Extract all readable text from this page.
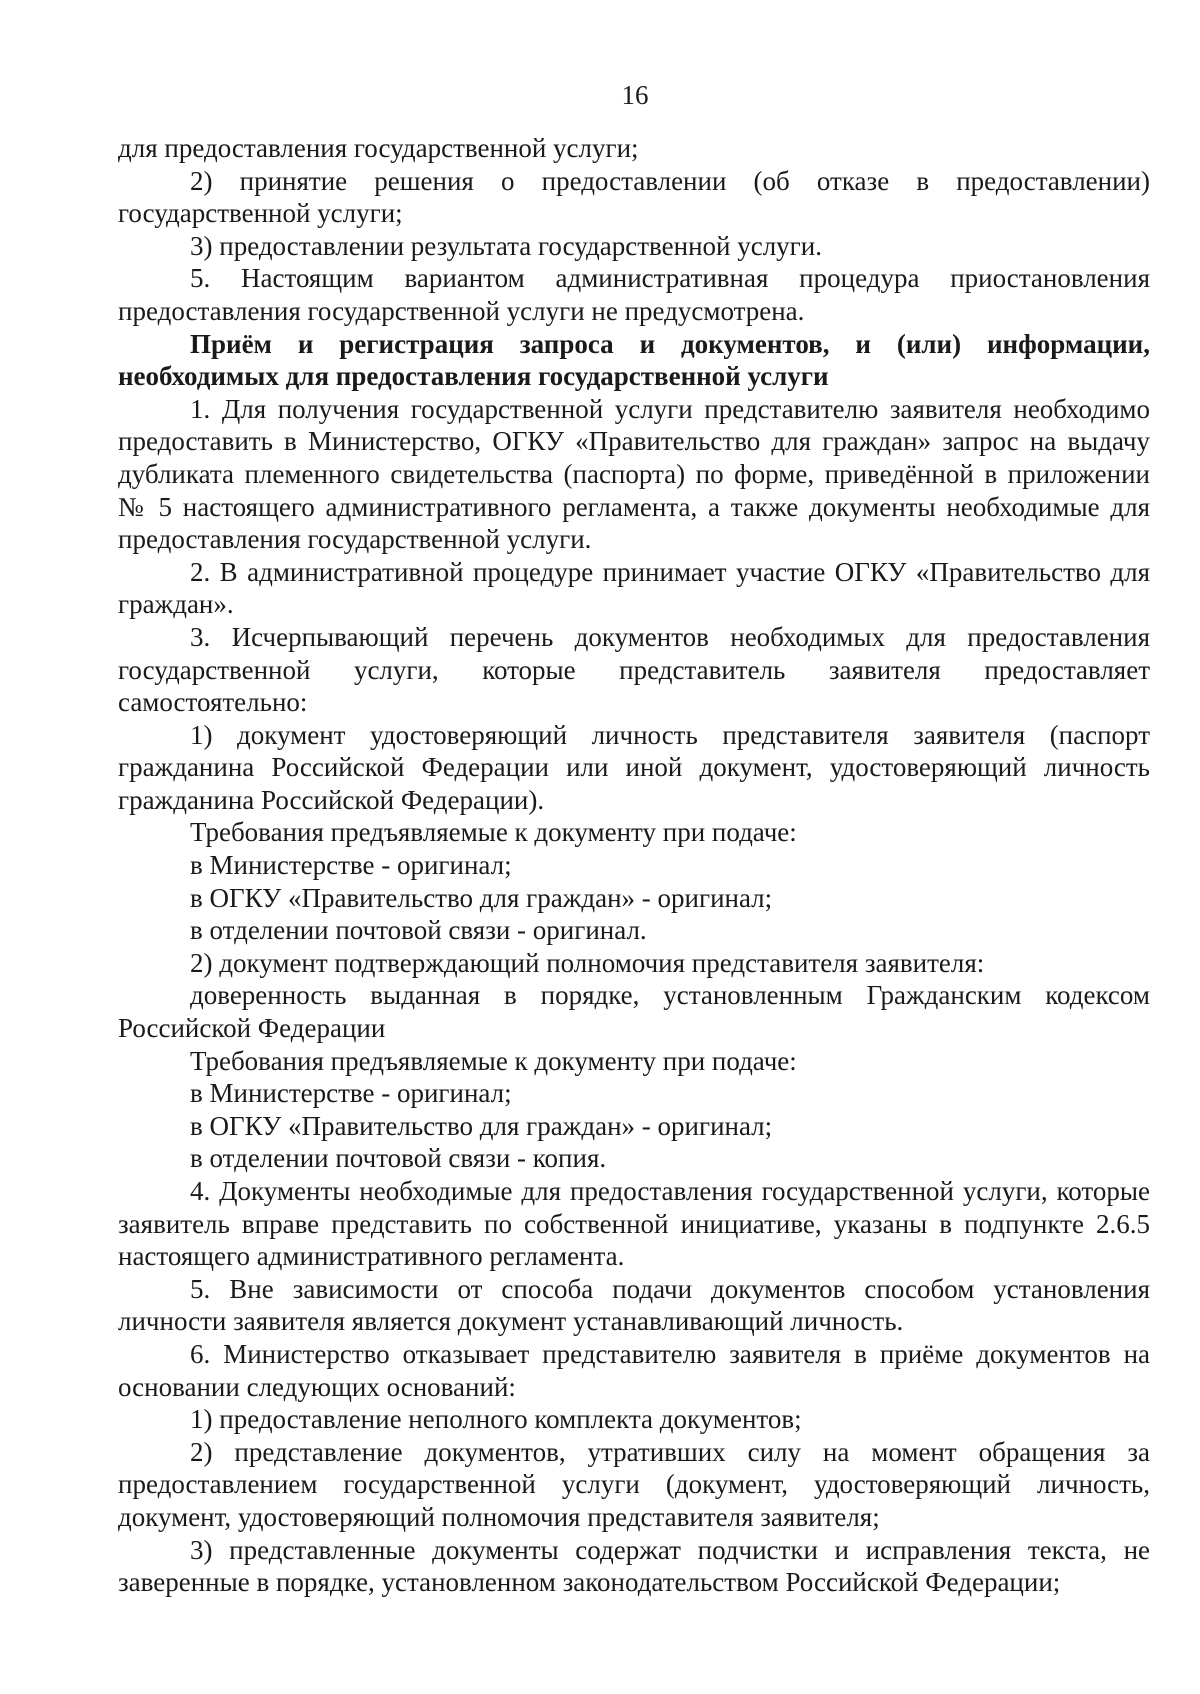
16

для предоставления государственной услуги;

2) принятие решения о предоставлении (об отказе в предоставлении) государственной услуги;

3) предоставлении результата государственной услуги.

5. Настоящим вариантом административная процедура приостановления предоставления государственной услуги не предусмотрена.

Приём и регистрация запроса и документов, и (или) информации, необходимых для предоставления государственной услуги

1. Для получения государственной услуги представителю заявителя необходимо предоставить в Министерство, ОГКУ «Правительство для граждан» запрос на выдачу дубликата племенного свидетельства (паспорта) по форме, приведённой в приложении № 5 настоящего административного регламента, а также документы необходимые для предоставления государственной услуги.

2. В административной процедуре принимает участие ОГКУ «Правительство для граждан».

3. Исчерпывающий перечень документов необходимых для предоставления государственной услуги, которые представитель заявителя предоставляет самостоятельно:

1) документ удостоверяющий личность представителя заявителя (паспорт гражданина Российской Федерации или иной документ, удостоверяющий личность гражданина Российской Федерации).

Требования предъявляемые к документу при подаче:

в Министерстве - оригинал;

в ОГКУ «Правительство для граждан» - оригинал;

в отделении почтовой связи - оригинал.

2) документ подтверждающий полномочия представителя заявителя:

доверенность выданная в порядке, установленным Гражданским кодексом Российской Федерации

Требования предъявляемые к документу при подаче:

в Министерстве - оригинал;

в ОГКУ «Правительство для граждан» - оригинал;

в отделении почтовой связи - копия.

4. Документы необходимые для предоставления государственной услуги, которые заявитель вправе представить по собственной инициативе, указаны в подпункте 2.6.5 настоящего административного регламента.

5. Вне зависимости от способа подачи документов способом установления личности заявителя является документ устанавливающий личность.

6. Министерство отказывает представителю заявителя в приёме документов на основании следующих оснований:

1) предоставление неполного комплекта документов;

2) представление документов, утративших силу на момент обращения за предоставлением государственной услуги (документ, удостоверяющий личность, документ, удостоверяющий полномочия представителя заявителя;

3) представленные документы содержат подчистки и исправления текста, не заверенные в порядке, установленном законодательством Российской Федерации;
